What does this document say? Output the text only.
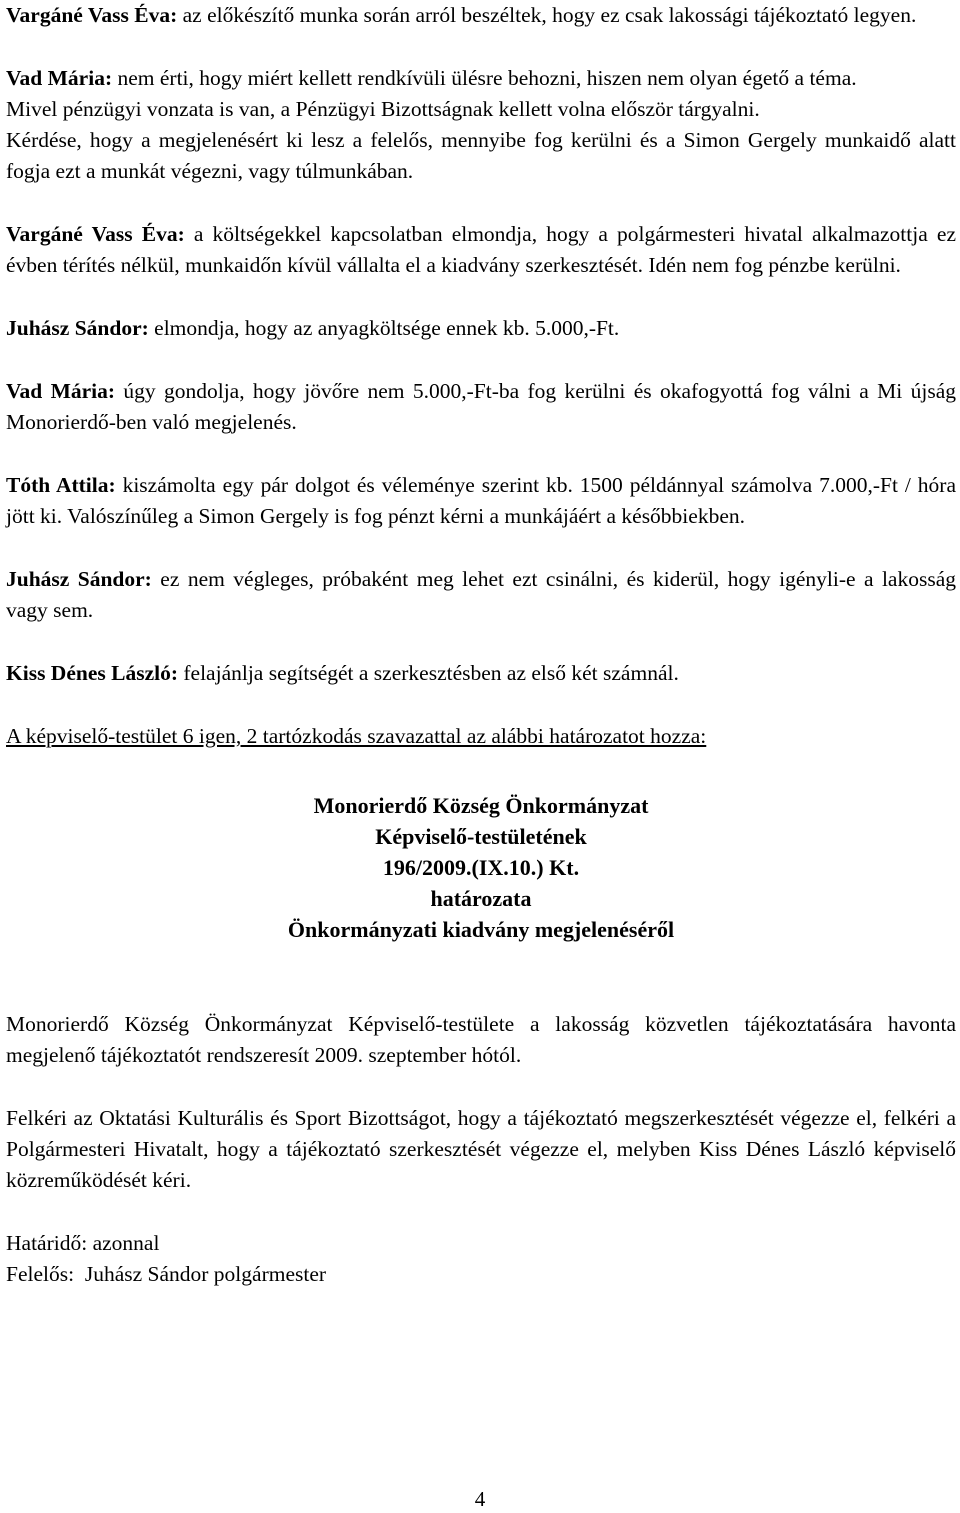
Vargáné Vass Éva: az előkészítő munka során arról beszéltek, hogy ez csak lakossági tájékoztató legyen.

Vad Mária: nem érti, hogy miért kellett rendkívüli ülésre behozni, hiszen nem olyan égető a téma.

Mivel pénzügyi vonzata is van, a Pénzügyi Bizottságnak kellett volna először tárgyalni.

Kérdése, hogy a megjelenésért ki lesz a felelős, mennyibe fog kerülni és a Simon Gergely munkaidő alatt fogja ezt a munkát végezni, vagy túlmunkában.

Vargáné Vass Éva: a költségekkel kapcsolatban elmondja, hogy a polgármesteri hivatal alkalmazottja ez évben térítés nélkül, munkaidőn kívül vállalta el a kiadvány szerkesztését. Idén nem fog pénzbe kerülni.

Juhász Sándor: elmondja, hogy az anyagköltsége ennek kb. 5.000,-Ft.

Vad Mária: úgy gondolja, hogy jövőre nem 5.000,-Ft-ba fog kerülni és okafogyottá fog válni a Mi újság Monorierdő-ben való megjelenés.

Tóth Attila: kiszámolta egy pár dolgot és véleménye szerint kb. 1500 példánnyal számolva 7.000,-Ft / hóra jött ki. Valószínűleg a Simon Gergely is fog pénzt kérni a munkájáért a későbbiekben.

Juhász Sándor: ez nem végleges, próbaként meg lehet ezt csinálni, és kiderül, hogy igényli-e a lakosság vagy sem.

Kiss Dénes László: felajánlja segítségét a szerkesztésben az első két számnál.

A képviselő-testület 6 igen, 2 tartózkodás szavazattal az alábbi határozatot hozza:

Monorierdő Község Önkormányzat
Képviselő-testületének
196/2009.(IX.10.) Kt.
határozata
Önkormányzati kiadvány megjelenéséről

Monorierdő Község Önkormányzat Képviselő-testülete a lakosság közvetlen tájékoztatására havonta megjelenő tájékoztatót rendszeresít 2009. szeptember hótól.

Felkéri az Oktatási Kulturális és Sport Bizottságot, hogy a tájékoztató megszerkesztését végezze el, felkéri a Polgármesteri Hivatalt, hogy a tájékoztató szerkesztését végezze el, melyben Kiss Dénes László képviselő közreműködését kéri.

Határidő: azonnal

Felelős:  Juhász Sándor polgármester

4
